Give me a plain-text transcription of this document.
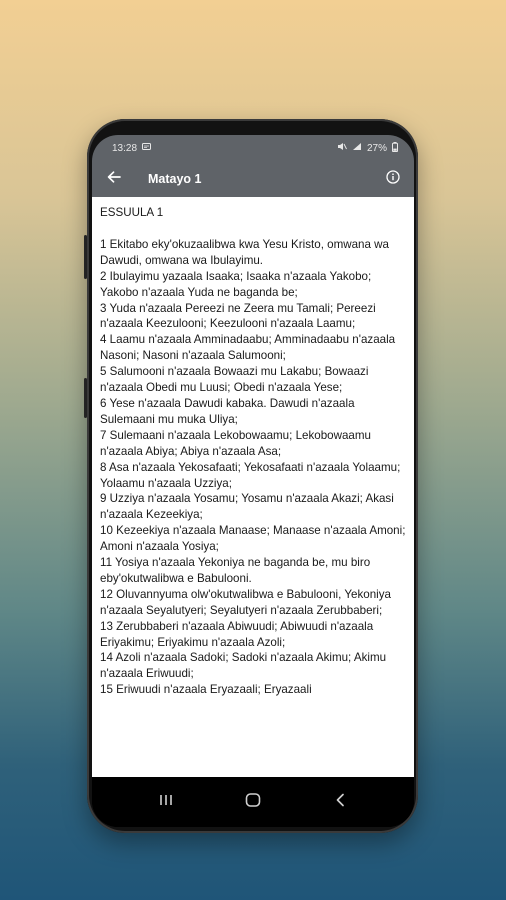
13:28	27%
Matayo 1

ESSUULA 1

1 Ekitabo eky'okuzaalibwa kwa Yesu Kristo, omwana wa Dawudi, omwana wa Ibulayimu.

2 Ibulayimu yazaala Isaaka; Isaaka n'azaala Yakobo; Yakobo n'azaala Yuda ne baganda be;

3 Yuda n'azaala Pereezi ne Zeera mu Tamali; Pereezi n'azaala Keezulooni; Keezulooni n'azaala Laamu;

4 Laamu n'azaala Amminadaabu; Amminadaabu n'azaala Nasoni; Nasoni n'azaala Salumooni;

5 Salumooni n'azaala Bowaazi mu Lakabu; Bowaazi n'azaala Obedi mu Luusi; Obedi n'azaala Yese;

6 Yese n'azaala Dawudi kabaka. Dawudi n'azaala Sulemaani mu muka Uliya;

7 Sulemaani n'azaala Lekobowaamu; Lekobowaamu n'azaala Abiya; Abiya n'azaala Asa;

8 Asa n'azaala Yekosafaati; Yekosafaati n'azaala Yolaamu; Yolaamu n'azaala Uzziya;

9 Uzziya n'azaala Yosamu; Yosamu n'azaala Akazi; Akasi n'azaala Kezeekiya;

10 Kezeekiya n'azaala Manaase; Manaase n'azaala Amoni; Amoni n'azaala Yosiya;

11 Yosiya n'azaala Yekoniya ne baganda be, mu biro eby'okutwalibwa e Babulooni.

12 Oluvannyuma olw'okutwalibwa e Babulooni, Yekoniya n'azaala Seyalutyeri; Seyalutyeri n'azaala Zerubbaberi;

13 Zerubbaberi n'azaala Abiwuudi; Abiwuudi n'azaala Eriyakimu; Eriyakimu n'azaala Azoli;

14 Azoli n'azaala Sadoki; Sadoki n'azaala Akimu; Akimu n'azaala Eriwuudi;

15 Eriwuudi n'azaala Eryazaali; Eryazaali
